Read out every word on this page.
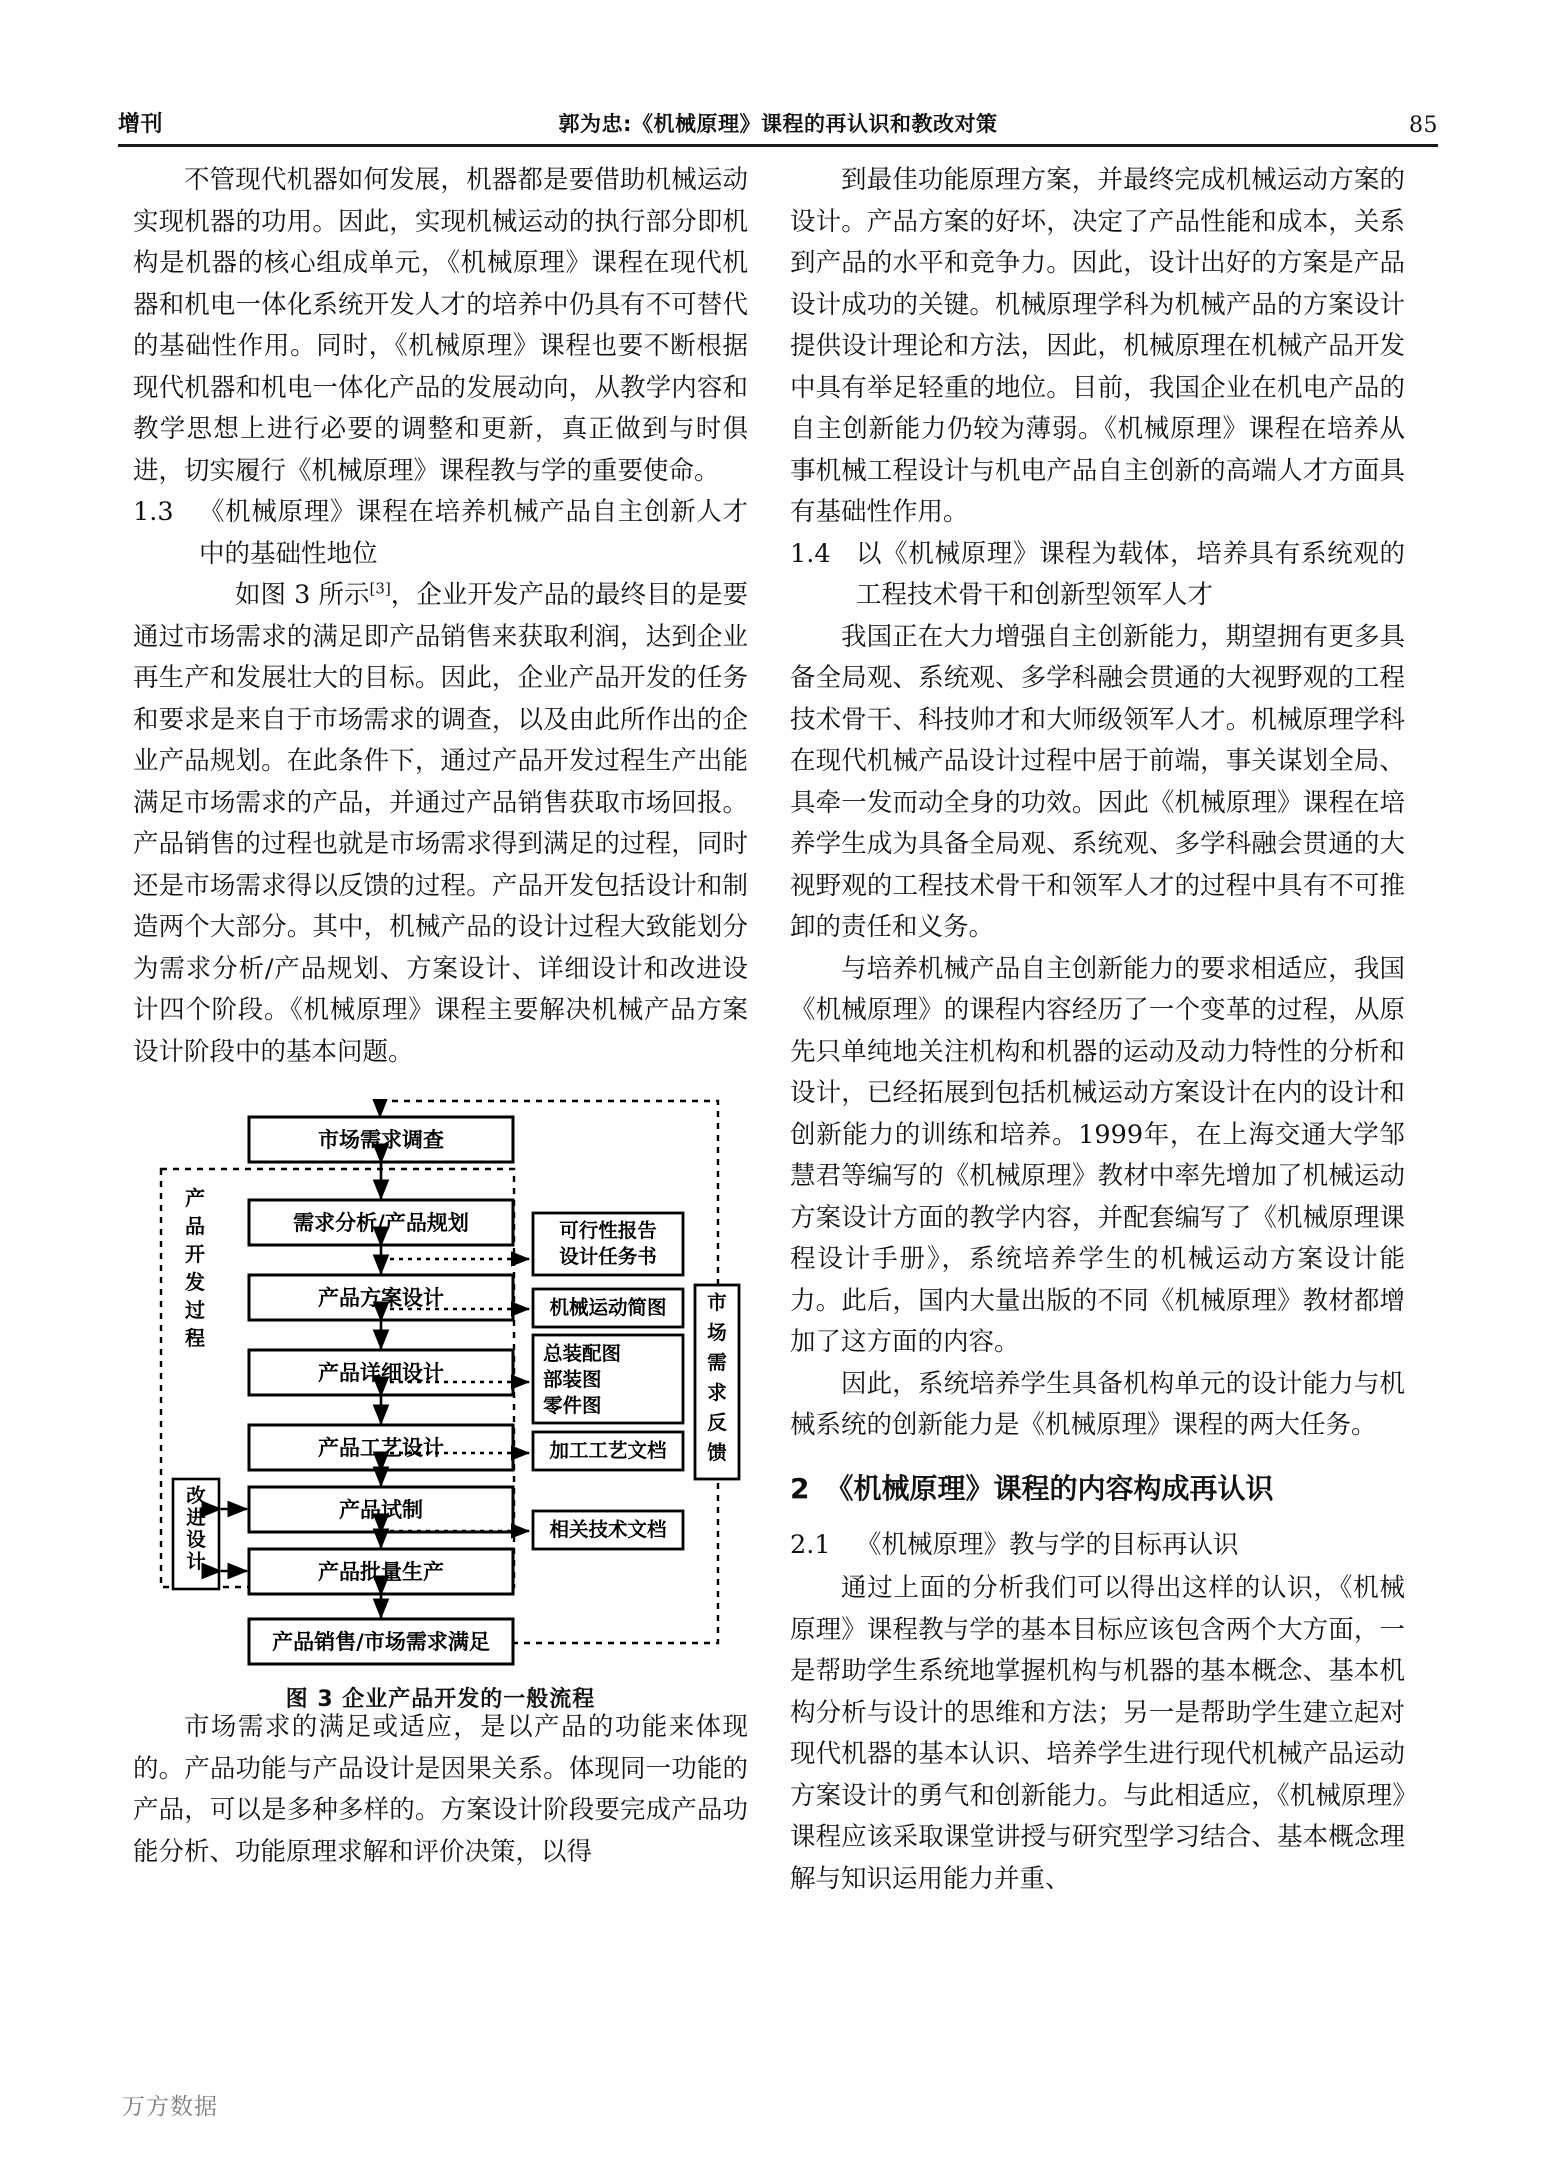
增刊	郭为忠:《机械原理》课程的再认识和教改对策	85

不管现代机器如何发展，机器都是要借助机械运动实现机器的功用。因此，实现机械运动的执行部分即机构是机器的核心组成单元，《机械原理》课程在现代机器和机电一体化系统开发人才的培养中仍具有不可替代的基础性作用。同时，《机械原理》课程也要不断根据现代机器和机电一体化产品的发展动向，从教学内容和教学思想上进行必要的调整和更新，真正做到与时俱进，切实履行《机械原理》课程教与学的重要使命。

1.3 《机械原理》课程在培养机械产品自主创新人才中的基础性地位

如图 3 所示[3]，企业开发产品的最终目的是要通过市场需求的满足即产品销售来获取利润，达到企业再生产和发展壮大的目标。因此，企业产品开发的任务和要求是来自于市场需求的调查，以及由此所作出的企业产品规划。在此条件下，通过产品开发过程生产出能满足市场需求的产品，并通过产品销售获取市场回报。产品销售的过程也就是市场需求得到满足的过程，同时还是市场需求得以反馈的过程。产品开发包括设计和制造两个大部分。其中，机械产品的设计过程大致能划分为需求分析/产品规划、方案设计、详细设计和改进设计四个阶段。《机械原理》课程主要解决机械产品方案设计阶段中的基本问题。

产
品
开
发
过
程
市场需求调查
需求分析/产品规划
产品方案设计
产品详细设计
产品工艺设计
产品试制
产品批量生产
产品销售/市场需求满足
改
进
设
计
可行性报告
设计任务书
机械运动简图
总装配图
部装图
零件图
加工工艺文档
相关技术文档
市
场
需
求
反
馈
图 3 企业产品开发的一般流程

市场需求的满足或适应，是以产品的功能来体现的。产品功能与产品设计是因果关系。体现同一功能的产品，可以是多种多样的。方案设计阶段要完成产品功能分析、功能原理求解和评价决策，以得

到最佳功能原理方案，并最终完成机械运动方案的设计。产品方案的好坏，决定了产品性能和成本，关系到产品的水平和竞争力。因此，设计出好的方案是产品设计成功的关键。机械原理学科为机械产品的方案设计提供设计理论和方法，因此，机械原理在机械产品开发中具有举足轻重的地位。目前，我国企业在机电产品的自主创新能力仍较为薄弱。《机械原理》课程在培养从事机械工程设计与机电产品自主创新的高端人才方面具有基础性作用。

1.4 以《机械原理》课程为载体，培养具有系统观的工程技术骨干和创新型领军人才

我国正在大力增强自主创新能力，期望拥有更多具备全局观、系统观、多学科融会贯通的大视野观的工程技术骨干、科技帅才和大师级领军人才。机械原理学科在现代机械产品设计过程中居于前端，事关谋划全局、具牵一发而动全身的功效。因此《机械原理》课程在培养学生成为具备全局观、系统观、多学科融会贯通的大视野观的工程技术骨干和领军人才的过程中具有不可推卸的责任和义务。

与培养机械产品自主创新能力的要求相适应，我国《机械原理》的课程内容经历了一个变革的过程，从原先只单纯地关注机构和机器的运动及动力特性的分析和设计，已经拓展到包括机械运动方案设计在内的设计和创新能力的训练和培养。1999年，在上海交通大学邹慧君等编写的《机械原理》教材中率先增加了机械运动方案设计方面的教学内容，并配套编写了《机械原理课程设计手册》，系统培养学生的机械运动方案设计能力。此后，国内大量出版的不同《机械原理》教材都增加了这方面的内容。

因此，系统培养学生具备机构单元的设计能力与机械系统的创新能力是《机械原理》课程的两大任务。

2 《机械原理》课程的内容构成再认识
2.1 《机械原理》教与学的目标再认识

通过上面的分析我们可以得出这样的认识，《机械原理》课程教与学的基本目标应该包含两个大方面，一是帮助学生系统地掌握机构与机器的基本概念、基本机构分析与设计的思维和方法；另一是帮助学生建立起对现代机器的基本认识、培养学生进行现代机械产品运动方案设计的勇气和创新能力。与此相适应，《机械原理》课程应该采取课堂讲授与研究型学习结合、基本概念理解与知识运用能力并重、

万方数据
